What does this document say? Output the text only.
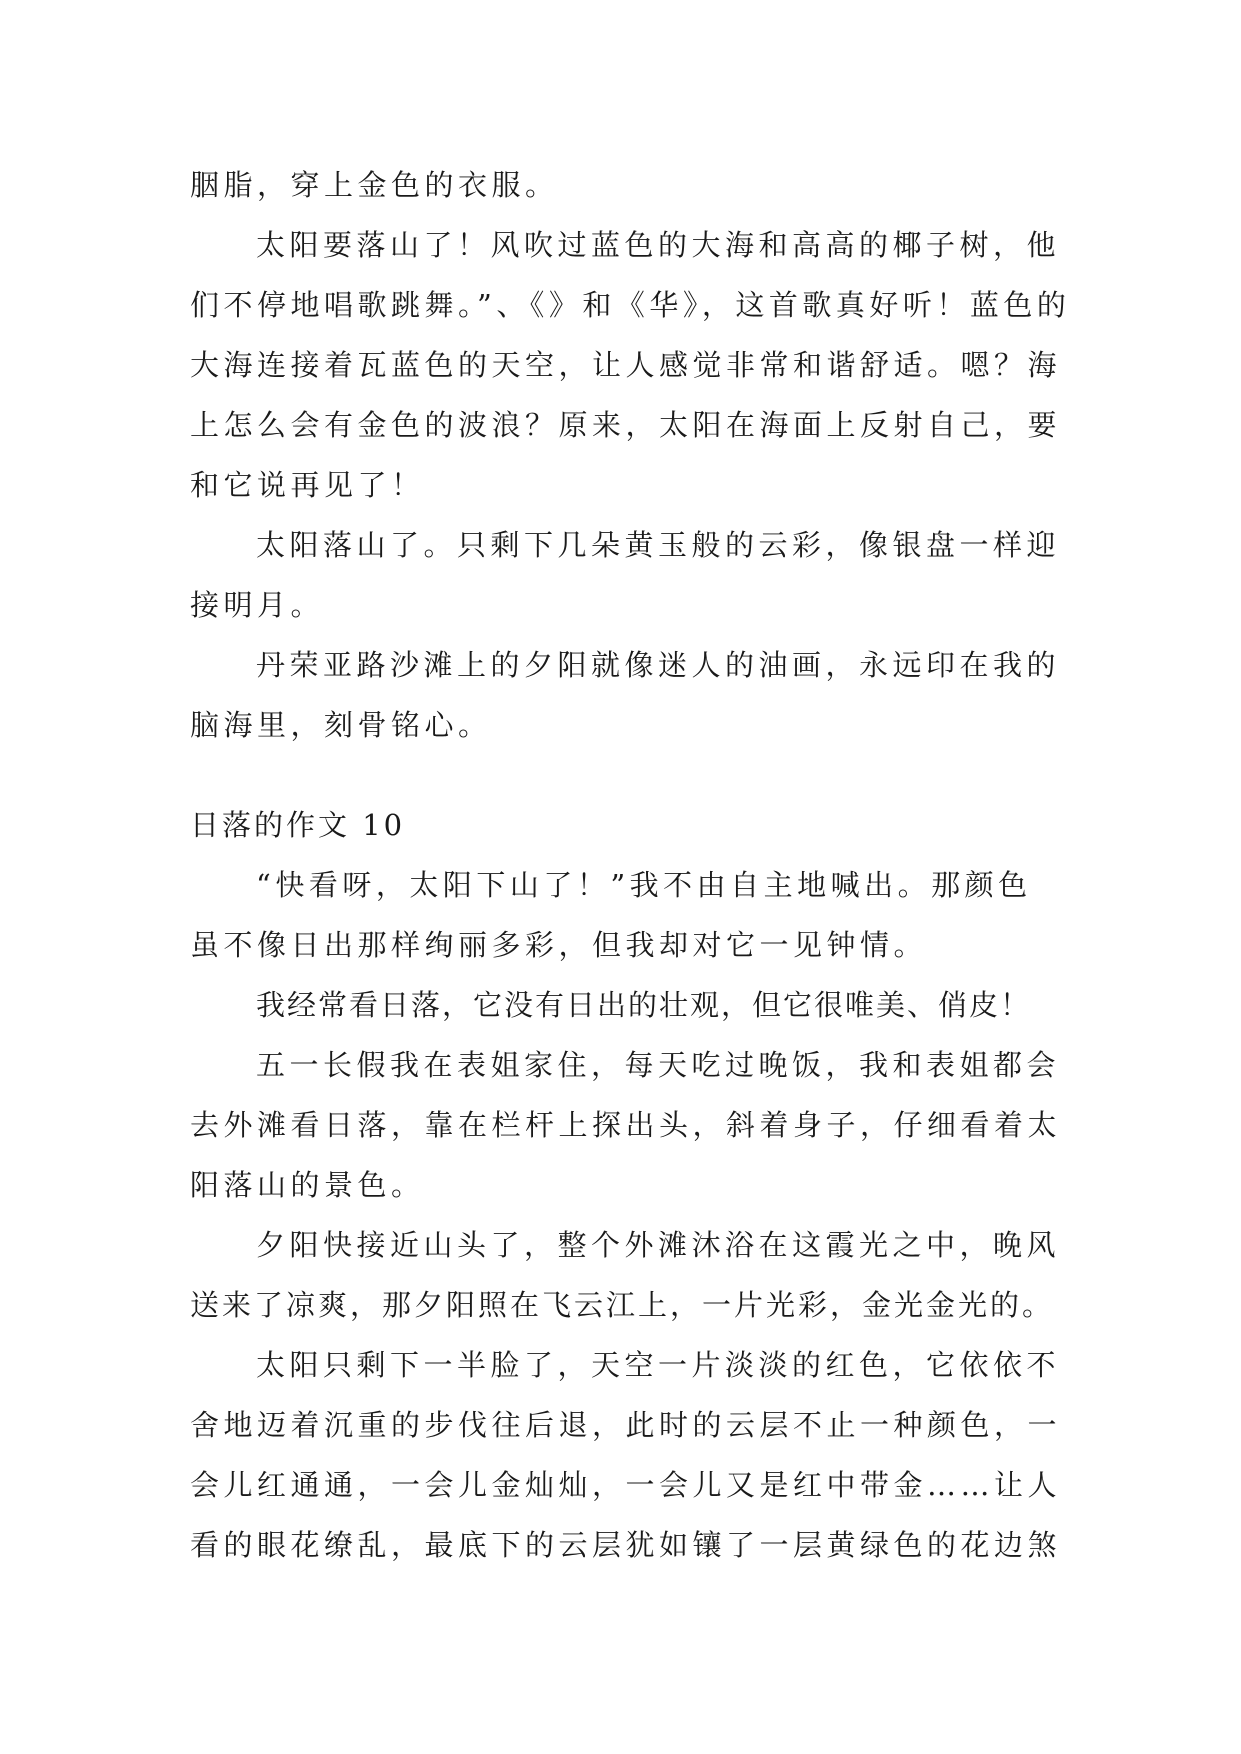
胭脂，穿上金色的衣服。
太阳要落山了！风吹过蓝色的大海和高高的椰子树，他
们不停地唱歌跳舞。”、《》和《华》，这首歌真好听！蓝色的
大海连接着瓦蓝色的天空，让人感觉非常和谐舒适。嗯？海
上怎么会有金色的波浪？原来，太阳在海面上反射自己，要
和它说再见了！
太阳落山了。只剩下几朵黄玉般的云彩，像银盘一样迎
接明月。
丹荣亚路沙滩上的夕阳就像迷人的油画，永远印在我的
脑海里，刻骨铭心。
日落的作文 10
“快看呀，太阳下山了！”我不由自主地喊出。那颜色
虽不像日出那样绚丽多彩，但我却对它一见钟情。
我经常看日落，它没有日出的壮观，但它很唯美、俏皮！
五一长假我在表姐家住，每天吃过晚饭，我和表姐都会
去外滩看日落，靠在栏杆上探出头，斜着身子，仔细看着太
阳落山的景色。
夕阳快接近山头了，整个外滩沐浴在这霞光之中，晚风
送来了凉爽，那夕阳照在飞云江上，一片光彩，金光金光的。
太阳只剩下一半脸了，天空一片淡淡的红色，它依依不
舍地迈着沉重的步伐往后退，此时的云层不止一种颜色，一
会儿红通通，一会儿金灿灿，一会儿又是红中带金……让人
看的眼花缭乱，最底下的云层犹如镶了一层黄绿色的花边煞
